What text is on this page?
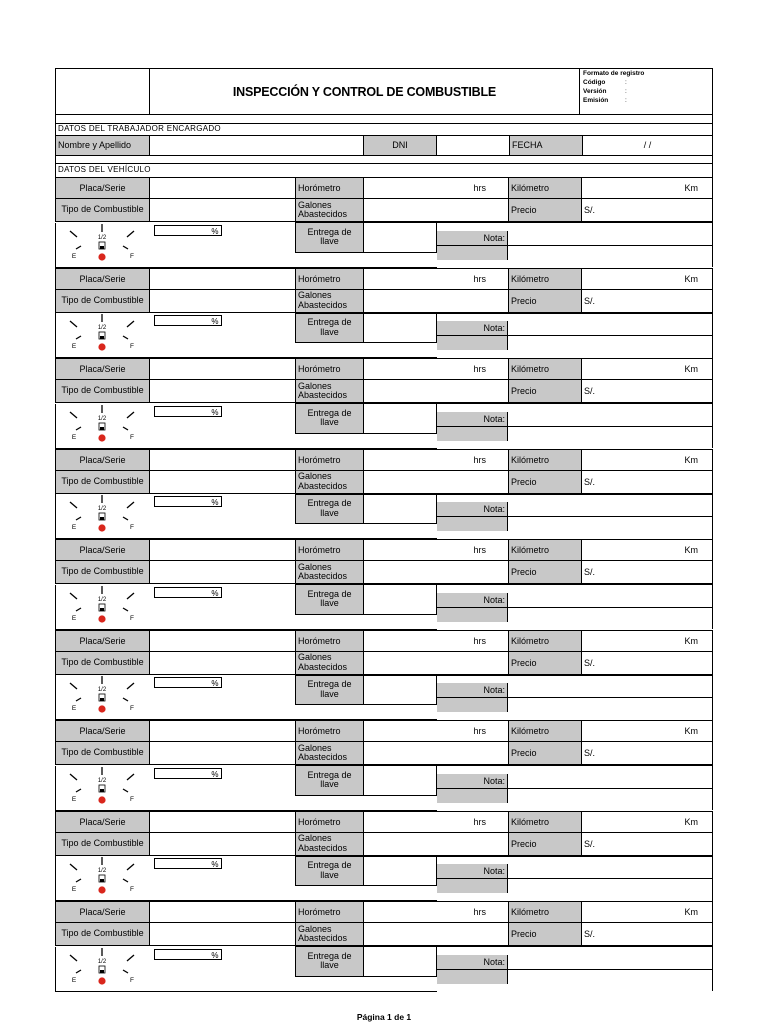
	INSPECCIÓN Y CONTROL DE COMBUSTIBLE	
Formato de registro
Código	:
Versión	:
Emisión	:

DATOS DEL TRABAJADOR ENCARGADO
Nombre y Apellido		DNI		FECHA	/ /

DATOS DEL VEHÍCULO
Placa/Serie		Horómetro	hrs	Kilómetro	Km
Tipo de Combustible		Galones Abastecidos		Precio	S/.
1/2
E	F

%	Entrega de llave		Nota:

Placa/Serie		Horómetro	hrs	Kilómetro	Km
Tipo de Combustible		Galones Abastecidos		Precio	S/.
1/2
E	F

%	Entrega de llave		Nota:

Placa/Serie		Horómetro	hrs	Kilómetro	Km
Tipo de Combustible		Galones Abastecidos		Precio	S/.
1/2
E	F

%	Entrega de llave		Nota:

Placa/Serie		Horómetro	hrs	Kilómetro	Km
Tipo de Combustible		Galones Abastecidos		Precio	S/.
1/2
E	F

%	Entrega de llave		Nota:

Placa/Serie		Horómetro	hrs	Kilómetro	Km
Tipo de Combustible		Galones Abastecidos		Precio	S/.
1/2
E	F

%	Entrega de llave		Nota:

Placa/Serie		Horómetro	hrs	Kilómetro	Km
Tipo de Combustible		Galones Abastecidos		Precio	S/.
1/2
E	F

%	Entrega de llave		Nota:

Placa/Serie		Horómetro	hrs	Kilómetro	Km
Tipo de Combustible		Galones Abastecidos		Precio	S/.
1/2
E	F

%	Entrega de llave		Nota:

Placa/Serie		Horómetro	hrs	Kilómetro	Km
Tipo de Combustible		Galones Abastecidos		Precio	S/.
1/2
E	F

%	Entrega de llave		Nota:

Placa/Serie		Horómetro	hrs	Kilómetro	Km
Tipo de Combustible		Galones Abastecidos		Precio	S/.
1/2
E	F

%	Entrega de llave		Nota:

Página 1 de 1
